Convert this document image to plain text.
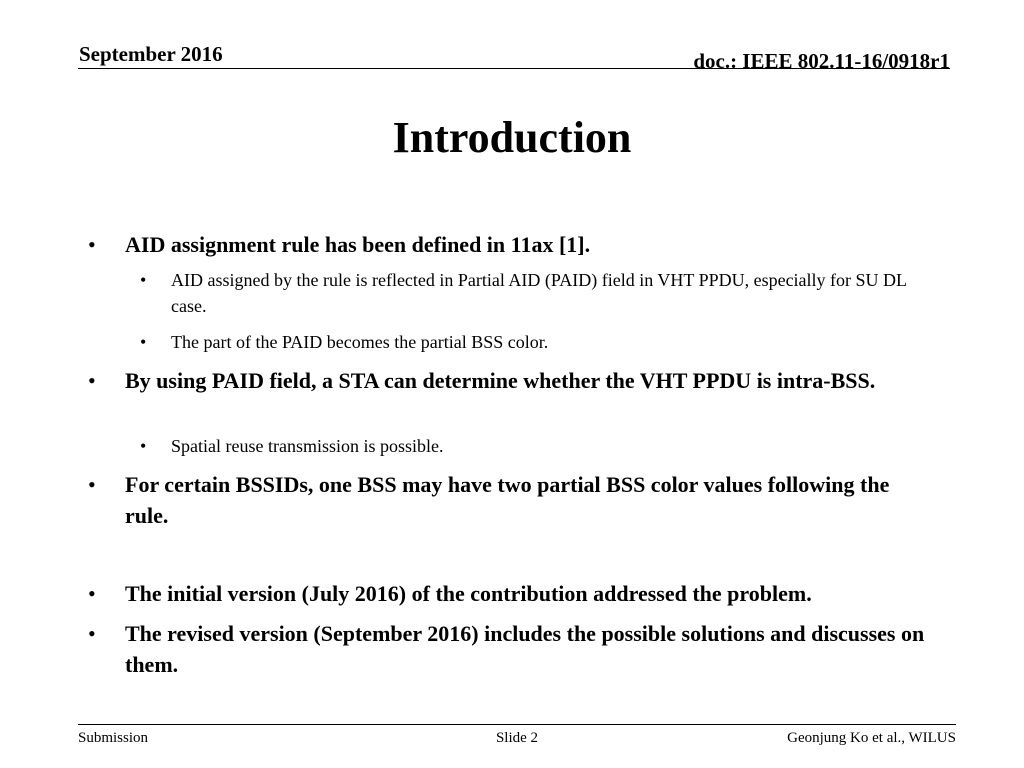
September 2016	doc.: IEEE 802.11-16/0918r1
Introduction
• AID assignment rule has been defined in 11ax [1].
• AID assigned by the rule is reflected in Partial AID (PAID) field in VHT PPDU, especially for SU DL case.
• The part of the PAID becomes the partial BSS color.
• By using PAID field, a STA can determine whether the VHT PPDU is intra-BSS.
• Spatial reuse transmission is possible.
• For certain BSSIDs, one BSS may have two partial BSS color values following the rule.
• The initial version (July 2016) of the contribution addressed the problem.
• The revised version (September 2016) includes the possible solutions and discusses on them.
Submission	Slide 2	Geonjung Ko et al., WILUS
